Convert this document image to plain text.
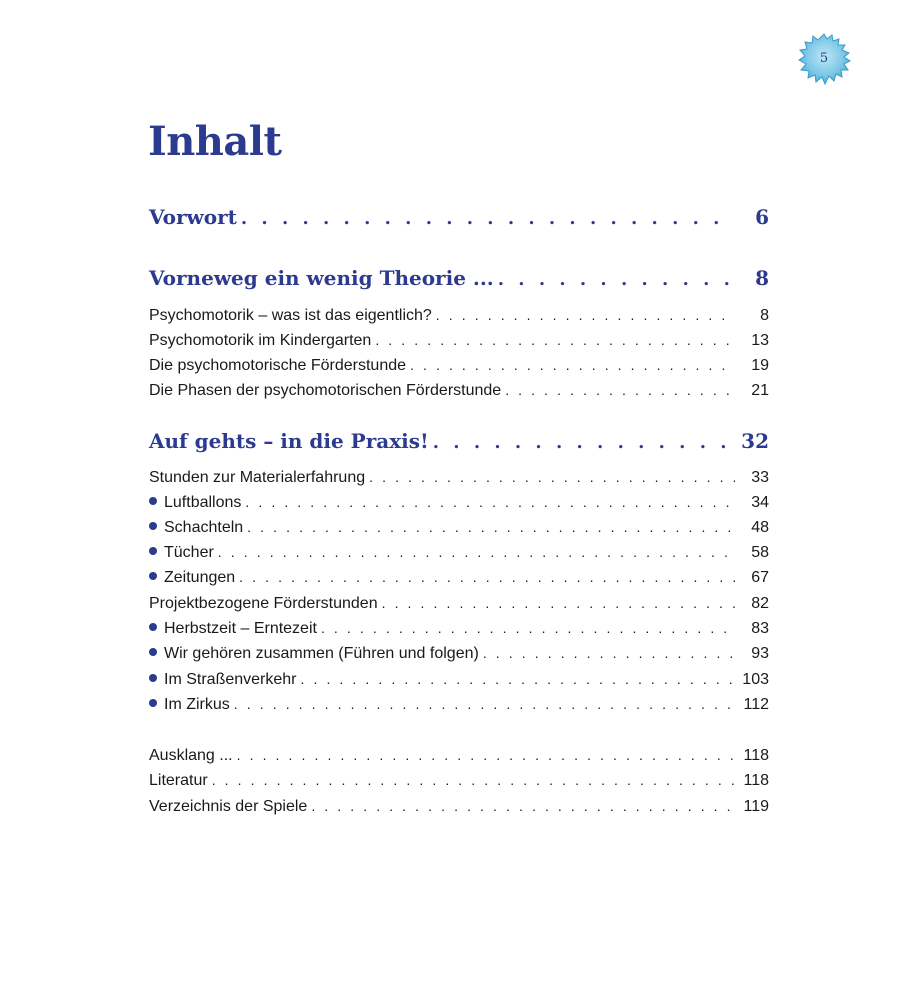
5
Inhalt
Vorwort . . .	6
Vorneweg ein wenig Theorie ... . . .	8
Psychomotorik – was ist das eigentlich? . . .	8
Psychomotorik im Kindergarten . . .	13
Die psychomotorische Förderstunde . . .	19
Die Phasen der psychomotorischen Förderstunde . . .	21
Auf gehts – in die Praxis! . . .	32
Stunden zur Materialerfahrung . . .	33
Luftballons . . .	34
Schachteln . . .	48
Tücher . . .	58
Zeitungen . . .	67
Projektbezogene Förderstunden . . .	82
Herbstzeit – Erntezeit . . .	83
Wir gehören zusammen (Führen und folgen) . . .	93
Im Straßenverkehr . . .	103
Im Zirkus . . .	112
Ausklang ... . . .	118
Literatur . . .	118
Verzeichnis der Spiele . . .	119
